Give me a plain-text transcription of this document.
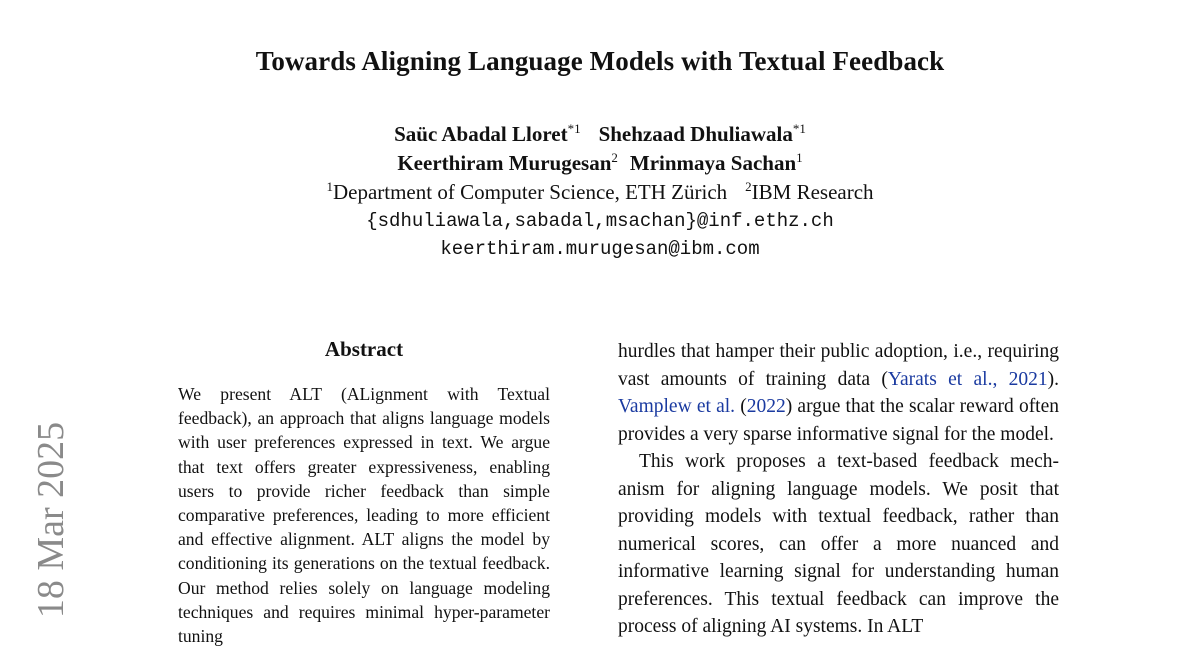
18 Mar 2025
Towards Aligning Language Models with Textual Feedback
Saüc Abadal Lloret$^{*1}$ Shehzaad Dhuliawala$^{*1}$
Keerthiram Murugesan$^2$ Mrinmaya Sachan$^1$
$^1$Department of Computer Science, ETH Zürich $^2$IBM Research
{sdhuliawala,sabadal,msachan}@inf.ethz.ch
keerthiram.murugesan@ibm.com
Abstract
We present ALT (ALignment with Textual feedback), an approach that aligns language models with user preferences expressed in text. We argue that text offers greater expressiveness, enabling users to provide richer feedback than simple comparative preferences, leading to more efficient and effective alignment. ALT aligns the model by conditioning its generations on the textual feedback. Our method relies solely on language modeling techniques and requires minimal hyper-parameter tuning

hurdles that hamper their public adoption, i.e., requiring vast amounts of training data (Yarats et al., 2021). Vamplew et al. (2022) argue that the scalar reward often provides a very sparse informative signal for the model.

This work proposes a text-based feedback mechanism for aligning language models. We posit that providing models with textual feedback, rather than numerical scores, can offer a more nuanced and informative learning signal for understanding human preferences. This textual feedback can improve the process of aligning AI systems. In ALT
